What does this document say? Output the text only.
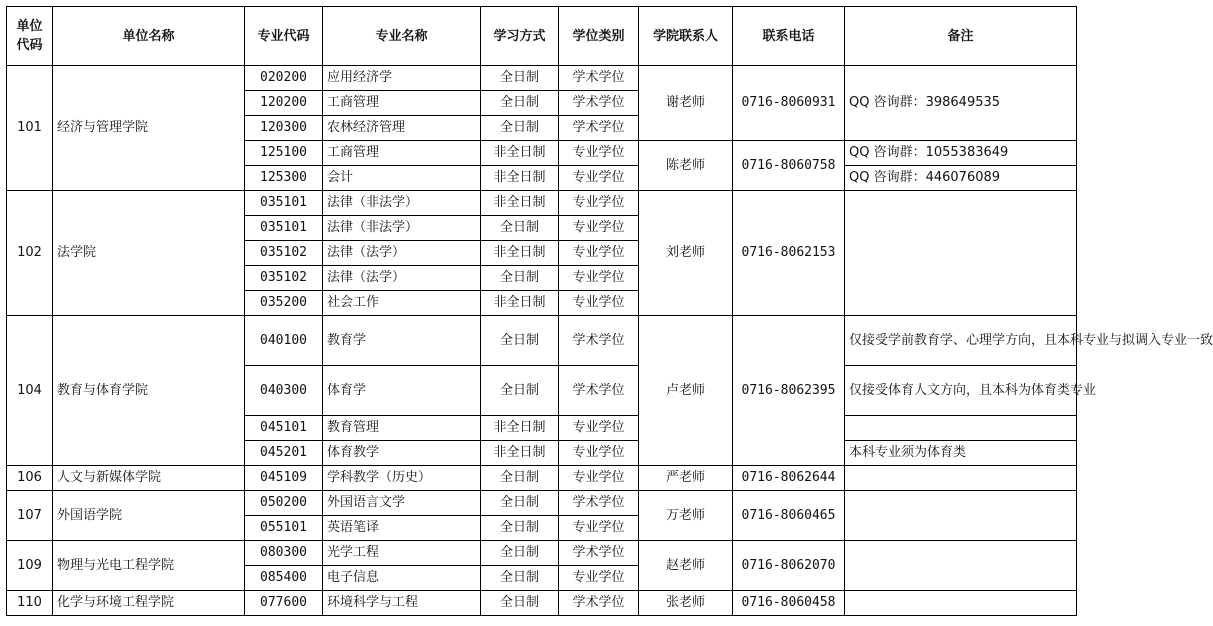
单位代码	单位名称	专业代码	专业名称	学习方式	学位类别	学院联系人	联系电话	备注
101	经济与管理学院	020200	应用经济学	全日制	学术学位	谢老师	0716-8060931	QQ 咨询群：398649535
		120200	工商管理	全日制	学术学位			
		120300	农林经济管理	全日制	学术学位			
		125100	工商管理	非全日制	专业学位	陈老师	0716-8060758	QQ 咨询群：1055383649
		125300	会计	非全日制	专业学位			QQ 咨询群：446076089
102	法学院	035101	法律（非法学）	非全日制	专业学位	刘老师	0716-8062153	
		035101	法律（非法学）	全日制	专业学位			
		035102	法律（法学）	非全日制	专业学位			
		035102	法律（法学）	全日制	专业学位			
		035200	社会工作	非全日制	专业学位			
104	教育与体育学院	040100	教育学	全日制	学术学位	卢老师	0716-8062395	仅接受学前教育学、心理学方向，且本科专业与拟调入专业一致
		040300	体育学	全日制	学术学位			仅接受体育人文方向，且本科为体育类专业
		045101	教育管理	非全日制	专业学位			
		045201	体育教学	非全日制	专业学位			本科专业须为体育类
106	人文与新媒体学院	045109	学科教学（历史）	全日制	专业学位	严老师	0716-8062644	
107	外国语学院	050200	外国语言文学	全日制	学术学位	万老师	0716-8060465	
		055101	英语笔译	全日制	专业学位			
109	物理与光电工程学院	080300	光学工程	全日制	学术学位	赵老师	0716-8062070	
		085400	电子信息	全日制	专业学位			
110	化学与环境工程学院	077600	环境科学与工程	全日制	学术学位	张老师	0716-8060458	
